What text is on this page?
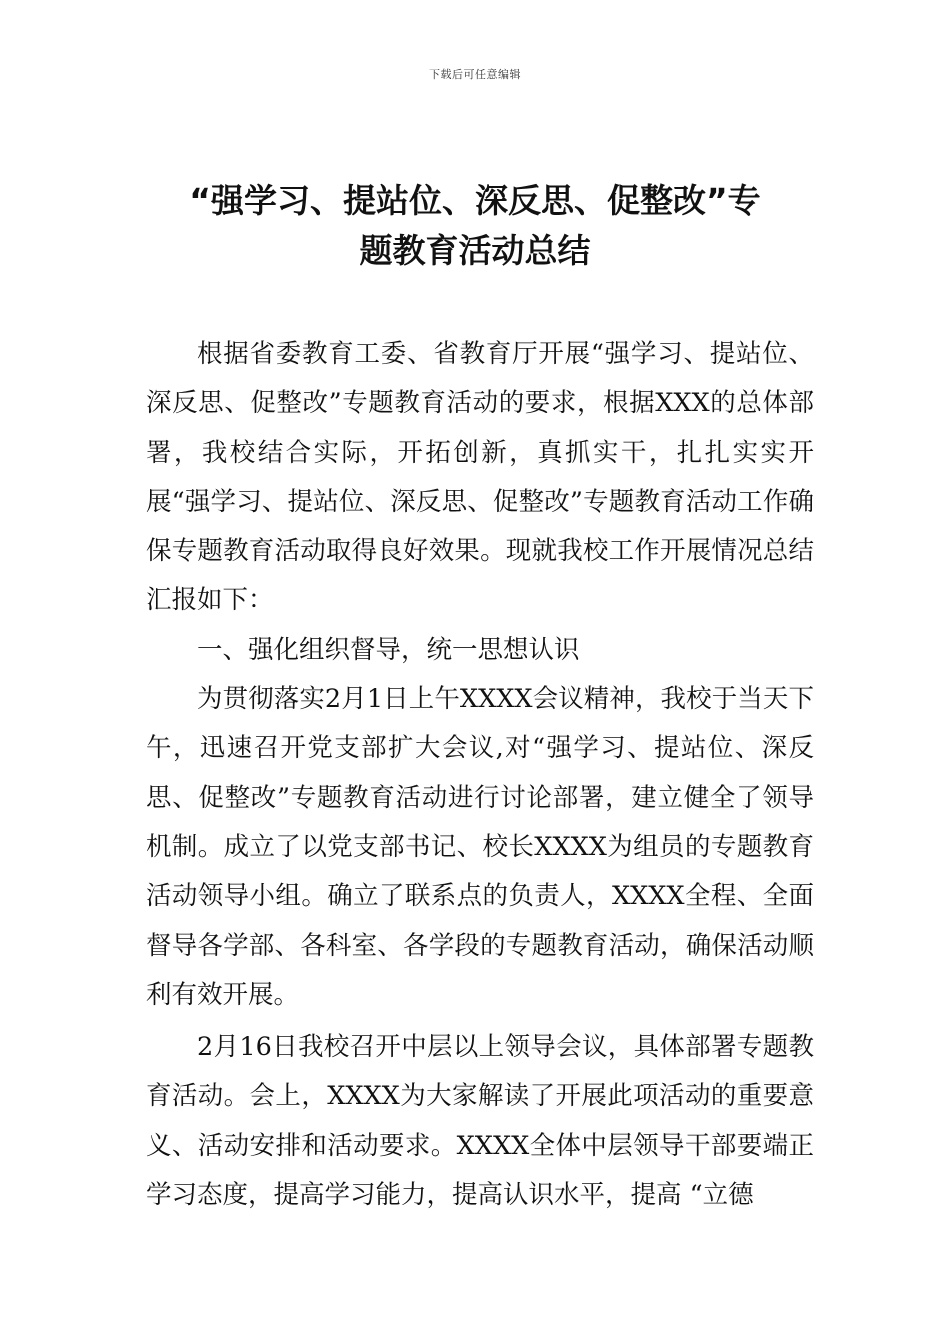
下载后可任意编辑
“强学习、提站位、深反思、促整改”专
题教育活动总结

根据省委教育工委、省教育厅开展“强学习、提站位、深反思、促整改”专题教育活动的要求，根据XXX的总体部署，我校结合实际，开拓创新，真抓实干，扎扎实实开展“强学习、提站位、深反思、促整改”专题教育活动工作确保专题教育活动取得良好效果。现就我校工作开展情况总结汇报如下：

一、强化组织督导，统一思想认识

为贯彻落实2月1日上午XXXX会议精神，我校于当天下午，迅速召开党支部扩大会议,对“强学习、提站位、深反思、促整改”专题教育活动进行讨论部署，建立健全了领导机制。成立了以党支部书记、校长XXXX为组员的专题教育活动领导小组。确立了联系点的负责人，XXXX全程、全面督导各学部、各科室、各学段的专题教育活动，确保活动顺利有效开展。

2月16日我校召开中层以上领导会议，具体部署专题教育活动。会上，XXXX为大家解读了开展此项活动的重要意义、活动安排和活动要求。XXXX全体中层领导干部要端正学习态度，提高学习能力，提高认识水平，提高 “立德
